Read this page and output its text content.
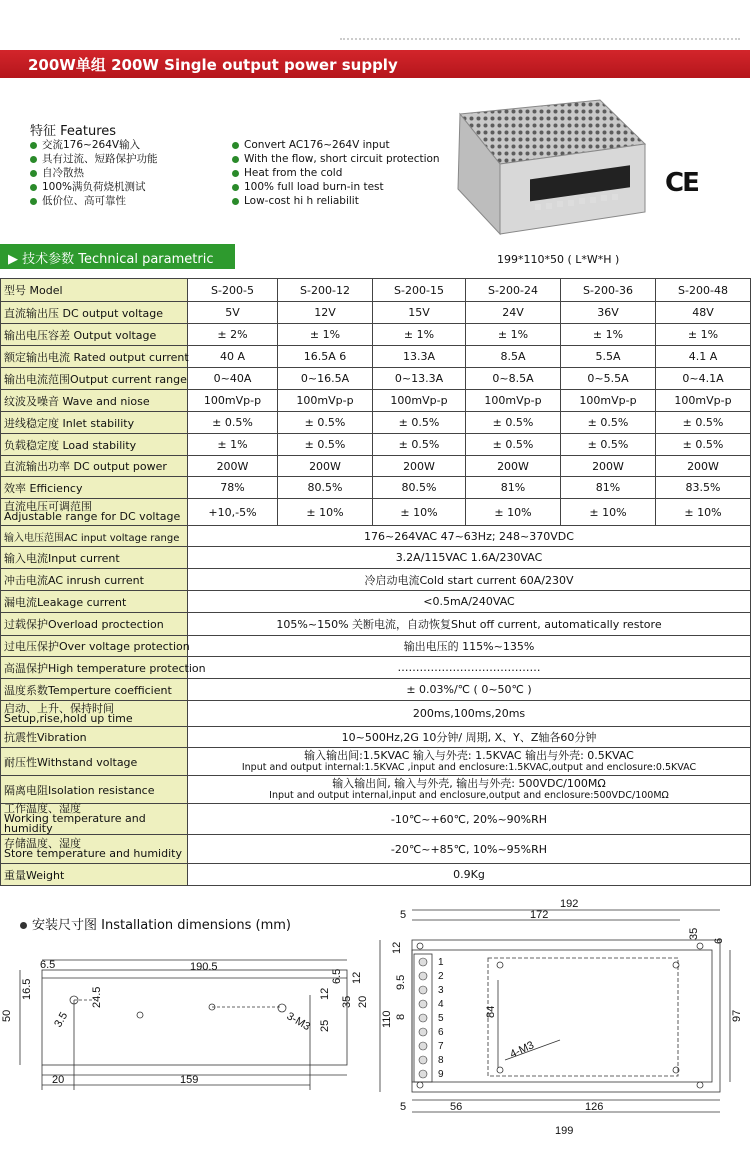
200W单组 200W Single output power supply
特征 Features
交流176~264V输入
具有过流、短路保护功能
自冷散热
100%满负荷烧机测试
低价位、高可靠性
Convert AC176~264V input
With the flow, short circuit protection
Heat from the cold
100% full load burn-in test
Low-cost hi h reliabilit
CE
199*110*50 ( L*W*H )
▶ 技术参数 Technical parametric
型号 Model	S-200-5	S-200-12	S-200-15	S-200-24	S-200-36	S-200-48
直流输出压 DC output voltage	5V	12V	15V	24V	36V	48V
输出电压容差 Output voltage	± 2%	± 1%	± 1%	± 1%	± 1%	± 1%
额定输出电流 Rated output current	40 A	16.5A 6	13.3A	8.5A	5.5A	4.1 A
输出电流范围Output current range	0~40A	0~16.5A	0~13.3A	0~8.5A	0~5.5A	0~4.1A
纹波及噪音 Wave and niose	100mVp-p	100mVp-p	100mVp-p	100mVp-p	100mVp-p	100mVp-p
进线稳定度 Inlet stability	± 0.5%	± 0.5%	± 0.5%	± 0.5%	± 0.5%	± 0.5%
负载稳定度 Load stability	± 1%	± 0.5%	± 0.5%	± 0.5%	± 0.5%	± 0.5%
直流输出功率 DC output power	200W	200W	200W	200W	200W	200W
效率 Efficiency	78%	80.5%	80.5%	81%	81%	83.5%
直流电压可调范围
Adjustable range for DC voltage	+10,-5%	± 10%	± 10%	± 10%	± 10%	± 10%
输入电压范围AC input voltage range	176~264VAC 47~63Hz; 248~370VDC					
输入电流Input current	3.2A/115VAC 1.6A/230VAC					
冲击电流AC inrush current	冷启动电流Cold start current 60A/230V					
漏电流Leakage current	<0.5mA/240VAC					
过载保护Overload proctection	105%~150% 关断电流，自动恢复Shut off current, automatically restore					
过电压保护Over voltage protection	输出电压的 115%~135%					
高温保护High temperature protection	…………………………………					
温度系数Temperture coefficient	± 0.03%/℃ ( 0~50℃ )					
启动、上升、保持时间
Setup,rise,hold up time	200ms,100ms,20ms					
抗震性Vibration	10~500Hz,2G 10分钟/ 周期, X、Y、Z轴各60分钟					
耐压性Withstand voltage	输入输出间:1.5KVAC 输入与外壳: 1.5KVAC 输出与外壳: 0.5KVAC
Input and output internal:1.5KVAC ,input and enclosure:1.5KVAC,output and enclosure:0.5KVAC					
隔离电阻Isolation resistance	输入输出间, 输入与外壳, 输出与外壳: 500VDC/100MΩ
Input and output internal,input and enclosure,output and enclosure:500VDC/100MΩ					
工作温度、湿度
Working temperature and humidity	-10℃~+60℃, 20%~90%RH					
存储温度、湿度
Store temperature and humidity	-20℃~+85℃, 10%~95%RH					
重量Weight	0.9Kg					
安装尺寸图 Installation dimensions (mm)
6.5	190.5
16.5	24.5
50	3.5	3-M3
12
25
35
6.5
20
12
20	159
1
2
3
4
5
6
7
8
9
5
192
172
35
6
12
9.5
8
110	84	97
4-M3
5	56	126
199
